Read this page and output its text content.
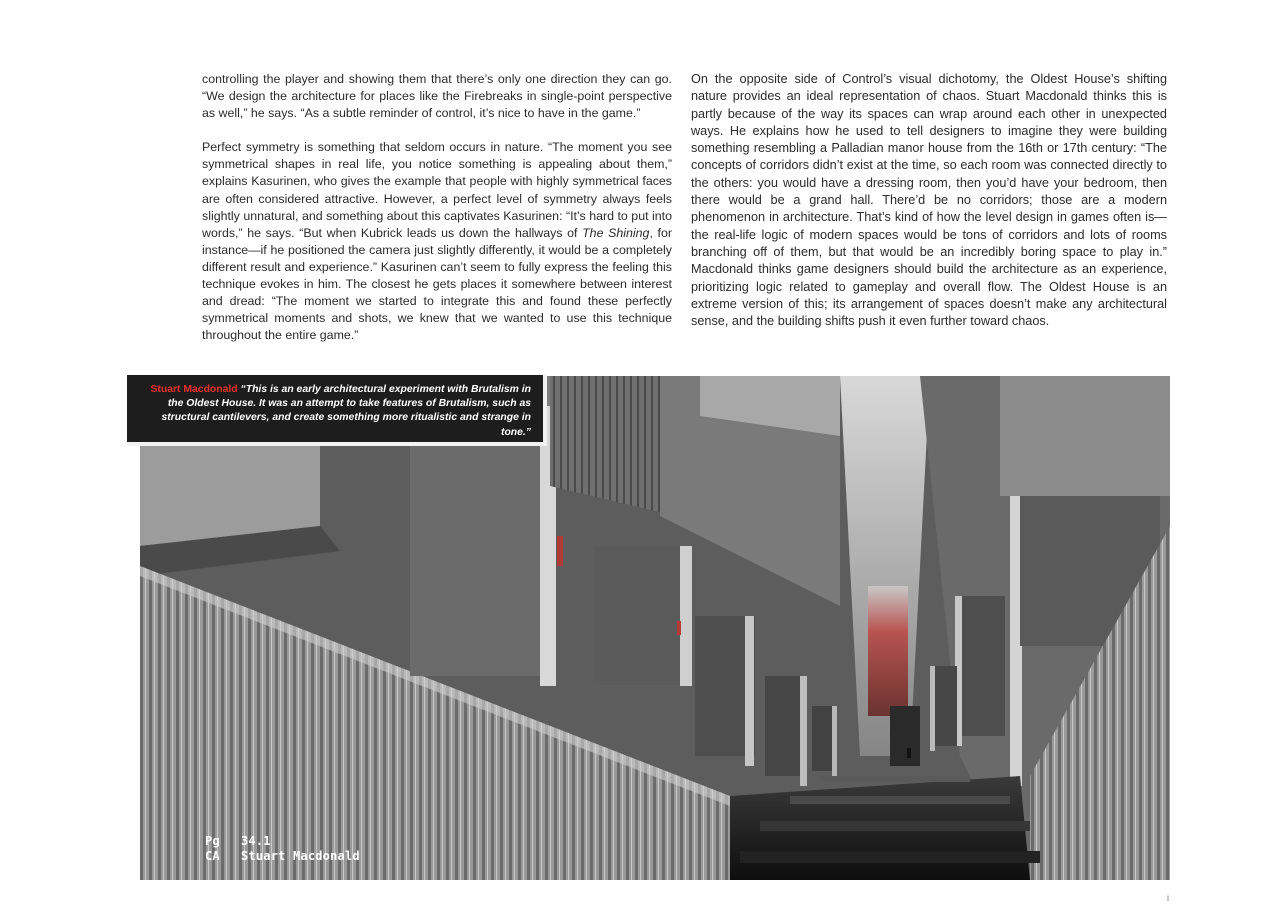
controlling the player and showing them that there’s only one direction they can go. “We design the architecture for places like the Firebreaks in single-point perspective as well,” he says. “As a subtle reminder of control, it’s nice to have in the game.”

Perfect symmetry is something that seldom occurs in nature. “The moment you see symmetrical shapes in real life, you notice something is appealing about them,” explains Kasurinen, who gives the example that people with highly symmetrical faces are often considered attractive. However, a perfect level of symmetry always feels slightly unnatural, and something about this captivates Kasurinen: “It’s hard to put into words,” he says. “But when Kubrick leads us down the hallways of The Shining, for instance—if he positioned the camera just slightly differently, it would be a completely different result and experience.” Kasurinen can’t seem to fully express the feeling this technique evokes in him. The closest he gets places it somewhere between interest and dread: “The moment we started to integrate this and found these perfectly symmetrical moments and shots, we knew that we wanted to use this technique throughout the entire game.”

On the opposite side of Control’s visual dichotomy, the Oldest House’s shifting nature provides an ideal representation of chaos. Stuart Macdonald thinks this is partly because of the way its spaces can wrap around each other in unexpected ways. He explains how he used to tell designers to imagine they were building something resembling a Palladian manor house from the 16th or 17th century: “The concepts of corridors didn’t exist at the time, so each room was connected directly to the others: you would have a dressing room, then you’d have your bedroom, then there would be a grand hall. There’d be no corridors; those are a modern phenomenon in architecture. That’s kind of how the level design in games often is—the real-life logic of modern spaces would be tons of corridors and lots of rooms branching off of them, but that would be an incredibly boring space to play in.” Macdonald thinks game designers should build the architecture as an experience, prioritizing logic related to gameplay and overall flow. The Oldest House is an extreme version of this; its arrangement of spaces doesn’t make any architectural sense, and the building shifts push it even further toward chaos.

Stuart Macdonald “This is an early architectural experiment with Brutalism in the Oldest House. It was an attempt to take features of Brutalism, such as structural cantilevers, and create something more ritualistic and strange in tone.”
Pg	34.1
CA	Stuart Macdonald
i
